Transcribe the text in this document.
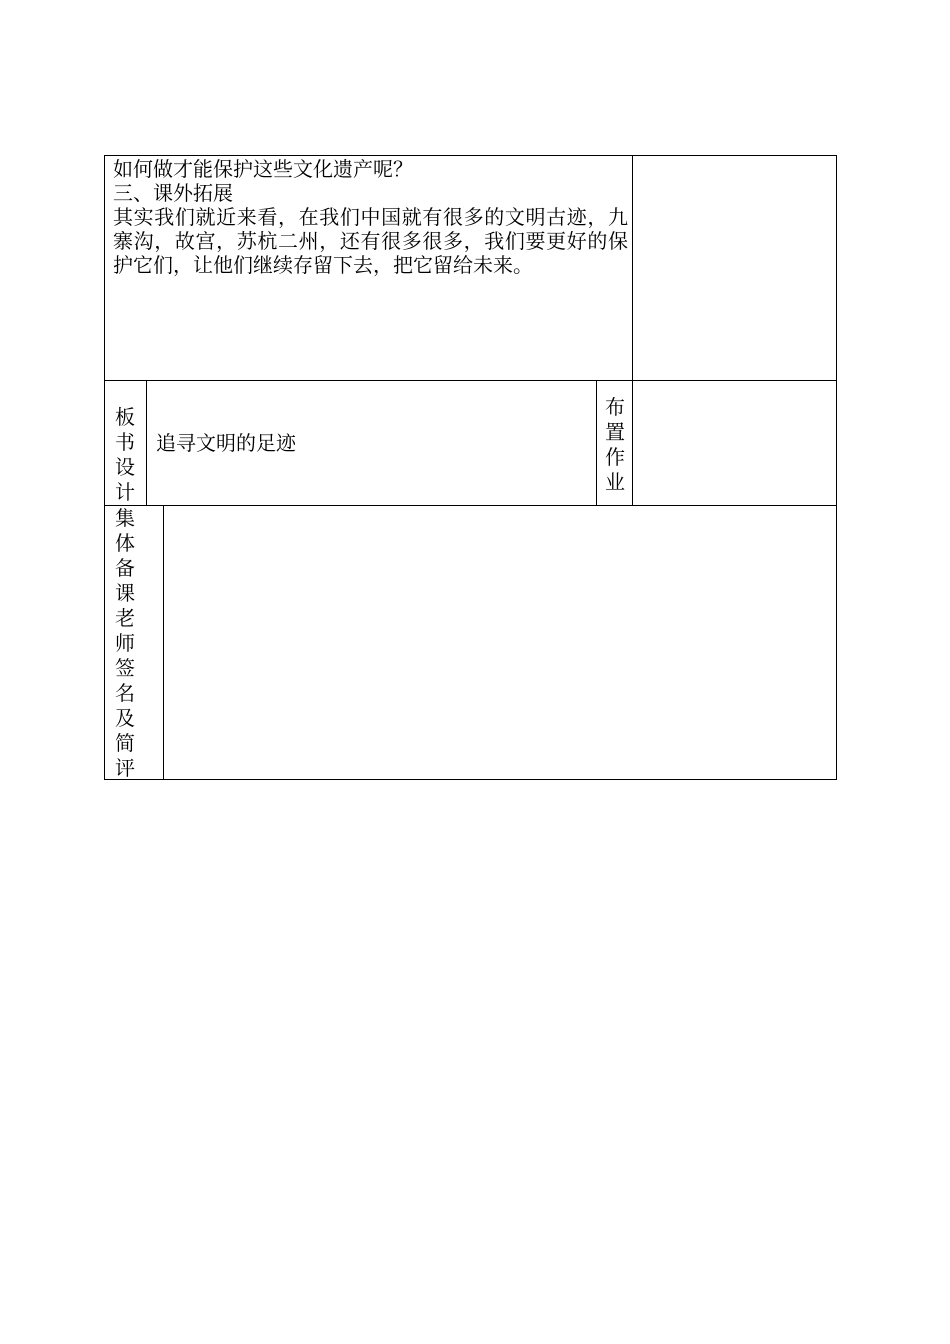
如何做才能保护这些文化遗产呢？

三、课外拓展

其实我们就近来看，在我们中国就有很多的文明古迹，九寨沟，故宫，苏杭二州，还有很多很多，我们要更好的保护它们，让他们继续存留下去，把它留给未来。

板
书
设
计
追寻文明的足迹
布
置
作
业
集
体
备
课
老
师
签
名
及
简
评
